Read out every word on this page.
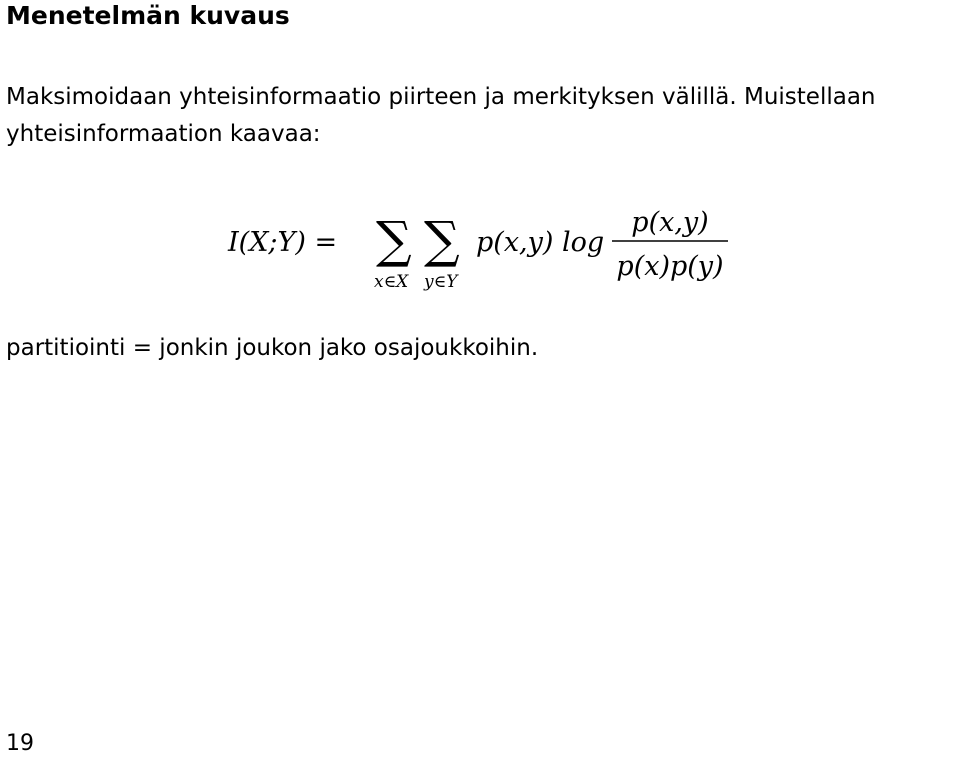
Menetelmän kuvaus
Maksimoidaan yhteisinformaatio piirteen ja merkityksen välillä. Muistellaan
yhteisinformaation kaavaa:
I(X;Y) = ∑
x∈X
∑
y∈Y
p(x,y) log
p(x,y)
p(x)p(y)
partitiointi = jonkin joukon jako osajoukkoihin.
19
